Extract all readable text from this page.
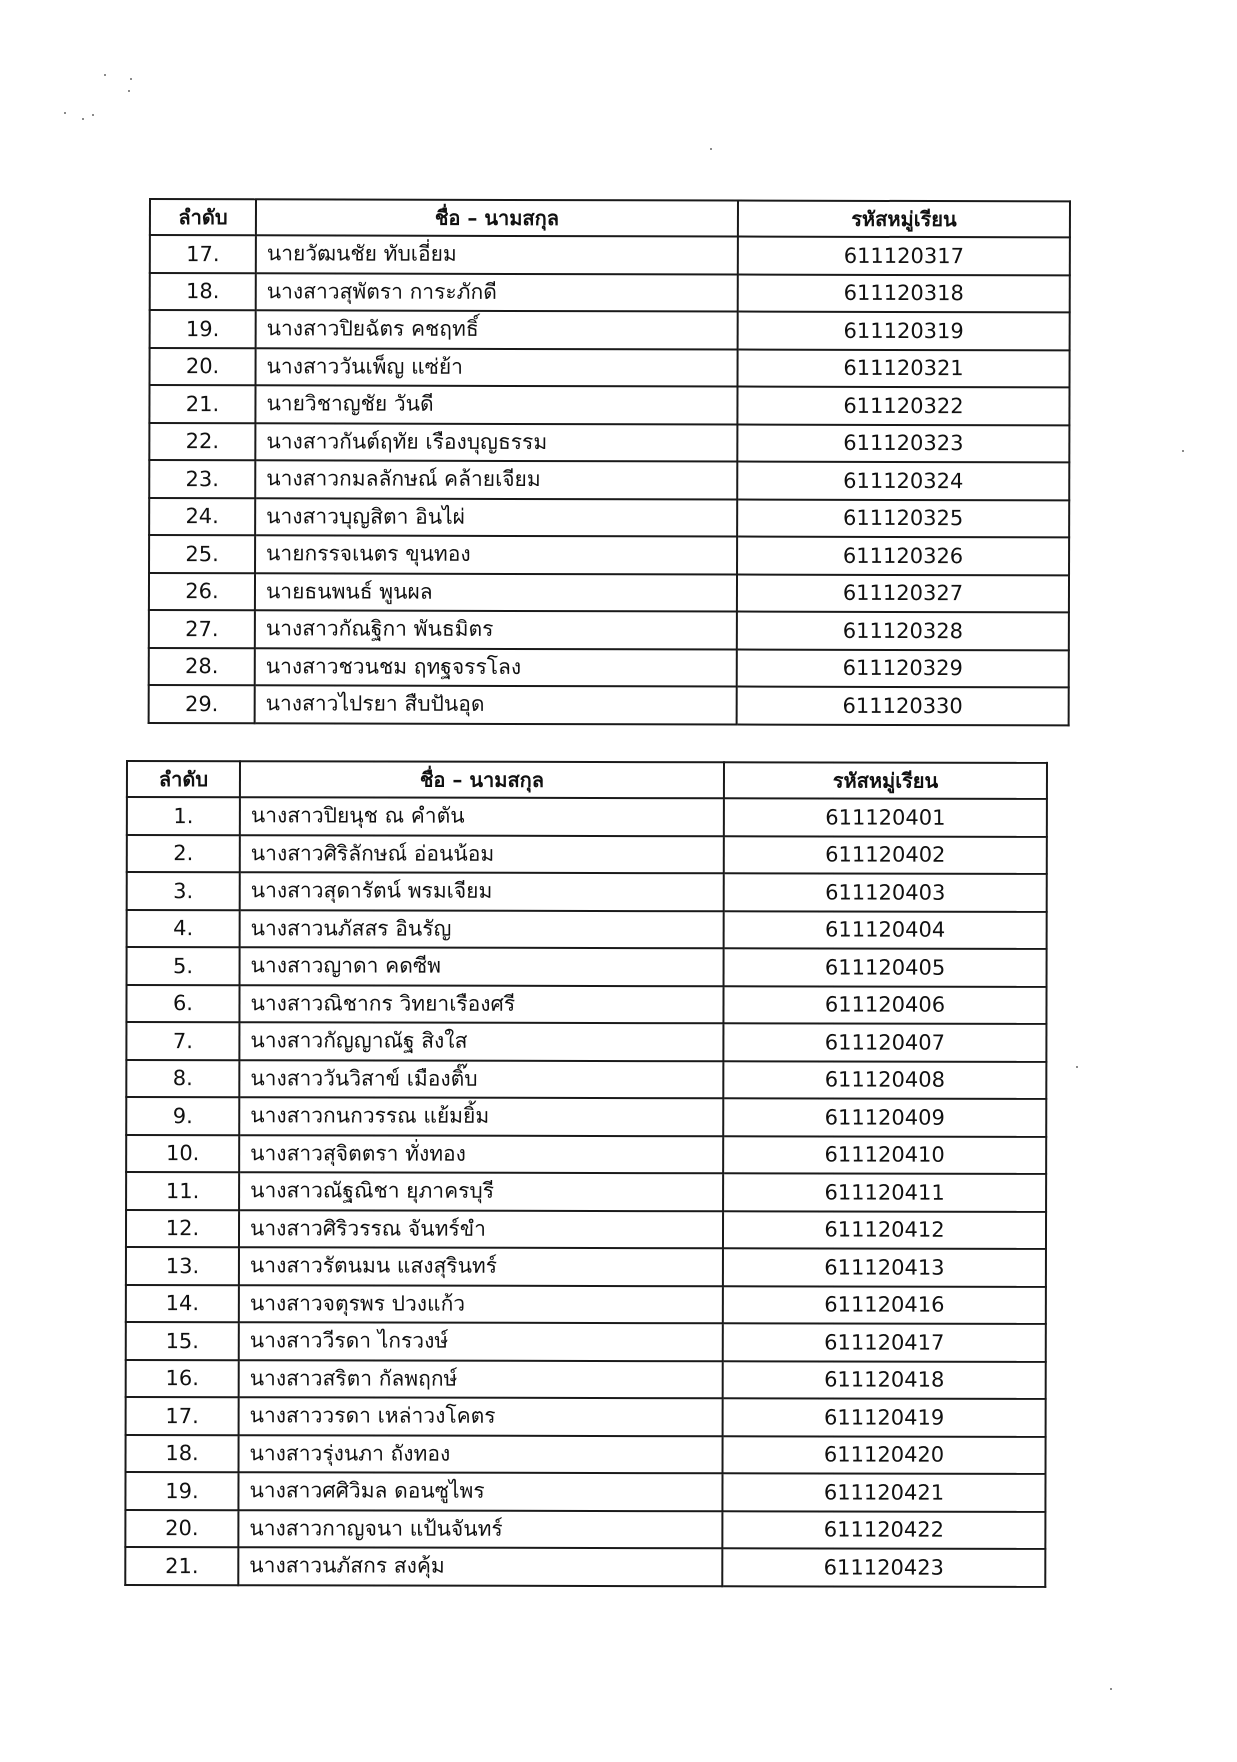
ลำดับ	ชื่อ – นามสกุล	รหัสหมู่เรียน
17.	นายวัฒนชัย ทับเอี่ยม	611120317
18.	นางสาวสุพัตรา การะภักดี	611120318
19.	นางสาวปิยฉัตร คชฤทธิ์	611120319
20.	นางสาววันเพ็ญ แซ่ย้า	611120321
21.	นายวิชาญชัย วันดี	611120322
22.	นางสาวกันต์ฤทัย เรืองบุญธรรม	611120323
23.	นางสาวกมลลักษณ์ คล้ายเจียม	611120324
24.	นางสาวบุญสิตา อินไผ่	611120325
25.	นายกรรจเนตร ขุนทอง	611120326
26.	นายธนพนธ์ พูนผล	611120327
27.	นางสาวกัณฐิกา พันธมิตร	611120328
28.	นางสาวชวนชม ฤทฐจรรโลง	611120329
29.	นางสาวไปรยา สืบปันอุด	611120330
ลำดับ	ชื่อ – นามสกุล	รหัสหมู่เรียน
1.	นางสาวปิยนุช ณ คำตัน	611120401
2.	นางสาวศิริลักษณ์ อ่อนน้อม	611120402
3.	นางสาวสุดารัตน์ พรมเจียม	611120403
4.	นางสาวนภัสสร อินรัญ	611120404
5.	นางสาวญาดา คดซีพ	611120405
6.	นางสาวณิชากร วิทยาเรืองศรี	611120406
7.	นางสาวกัญญาณัฐ สิงใส	611120407
8.	นางสาววันวิสาข์ เมืองติ๊บ	611120408
9.	นางสาวกนกวรรณ แย้มยิ้ม	611120409
10.	นางสาวสุจิตตรา ทั่งทอง	611120410
11.	นางสาวณัฐณิชา ยุภาครบุรี	611120411
12.	นางสาวศิริวรรณ จันทร์ขำ	611120412
13.	นางสาวรัตนมน แสงสุรินทร์	611120413
14.	นางสาวจตุรพร ปวงแก้ว	611120416
15.	นางสาววีรดา ไกรวงษ์	611120417
16.	นางสาวสริตา กัลพฤกษ์	611120418
17.	นางสาววรดา เหล่าวงโคตร	611120419
18.	นางสาวรุ่งนภา ถังทอง	611120420
19.	นางสาวศศิวิมล ดอนซูไพร	611120421
20.	นางสาวกาญจนา แป้นจันทร์	611120422
21.	นางสาวนภัสกร สงคุ้ม	611120423
